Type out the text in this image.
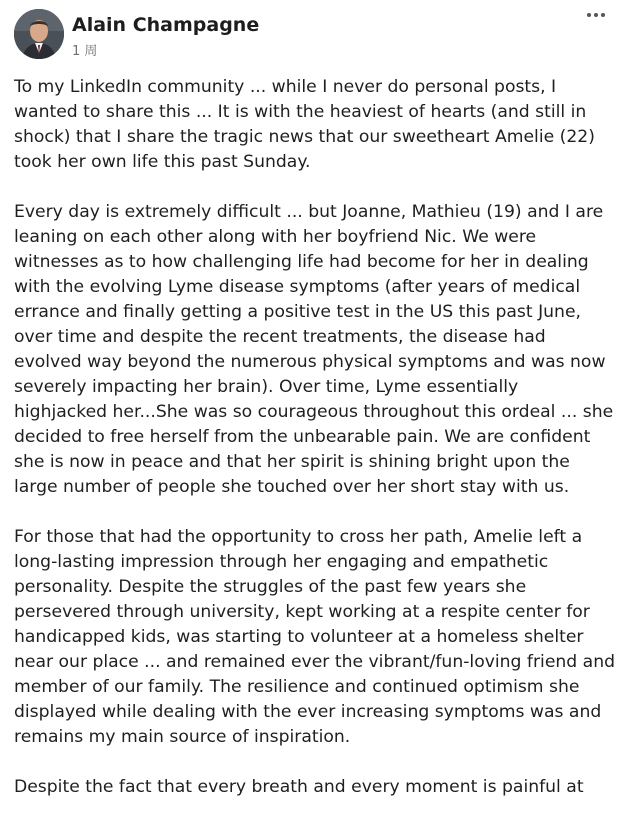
Alain Champagne
1 周

To my LinkedIn community ... while I never do personal posts, I wanted to share this ... It is with the heaviest of hearts (and still in shock) that I share the tragic news that our sweetheart Amelie (22) took her own life this past Sunday.

Every day is extremely difficult ... but Joanne, Mathieu (19) and I are leaning on each other along with her boyfriend Nic. We were witnesses as to how challenging life had become for her in dealing with the evolving Lyme disease symptoms (after years of medical errance and finally getting a positive test in the US this past June, over time and despite the recent treatments, the disease had evolved way beyond the numerous physical symptoms and was now severely impacting her brain). Over time, Lyme essentially highjacked her...She was so courageous throughout this ordeal ... she decided to free herself from the unbearable pain. We are confident she is now in peace and that her spirit is shining bright upon the large number of people she touched over her short stay with us.

For those that had the opportunity to cross her path, Amelie left a long-lasting impression through her engaging and empathetic personality. Despite the struggles of the past few years she persevered through university, kept working at a respite center for handicapped kids, was starting to volunteer at a homeless shelter near our place ... and remained ever the vibrant/fun-loving friend and member of our family. The resilience and continued optimism she displayed while dealing with the ever increasing symptoms was and remains my main source of inspiration.

Despite the fact that every breath and every moment is painful at
